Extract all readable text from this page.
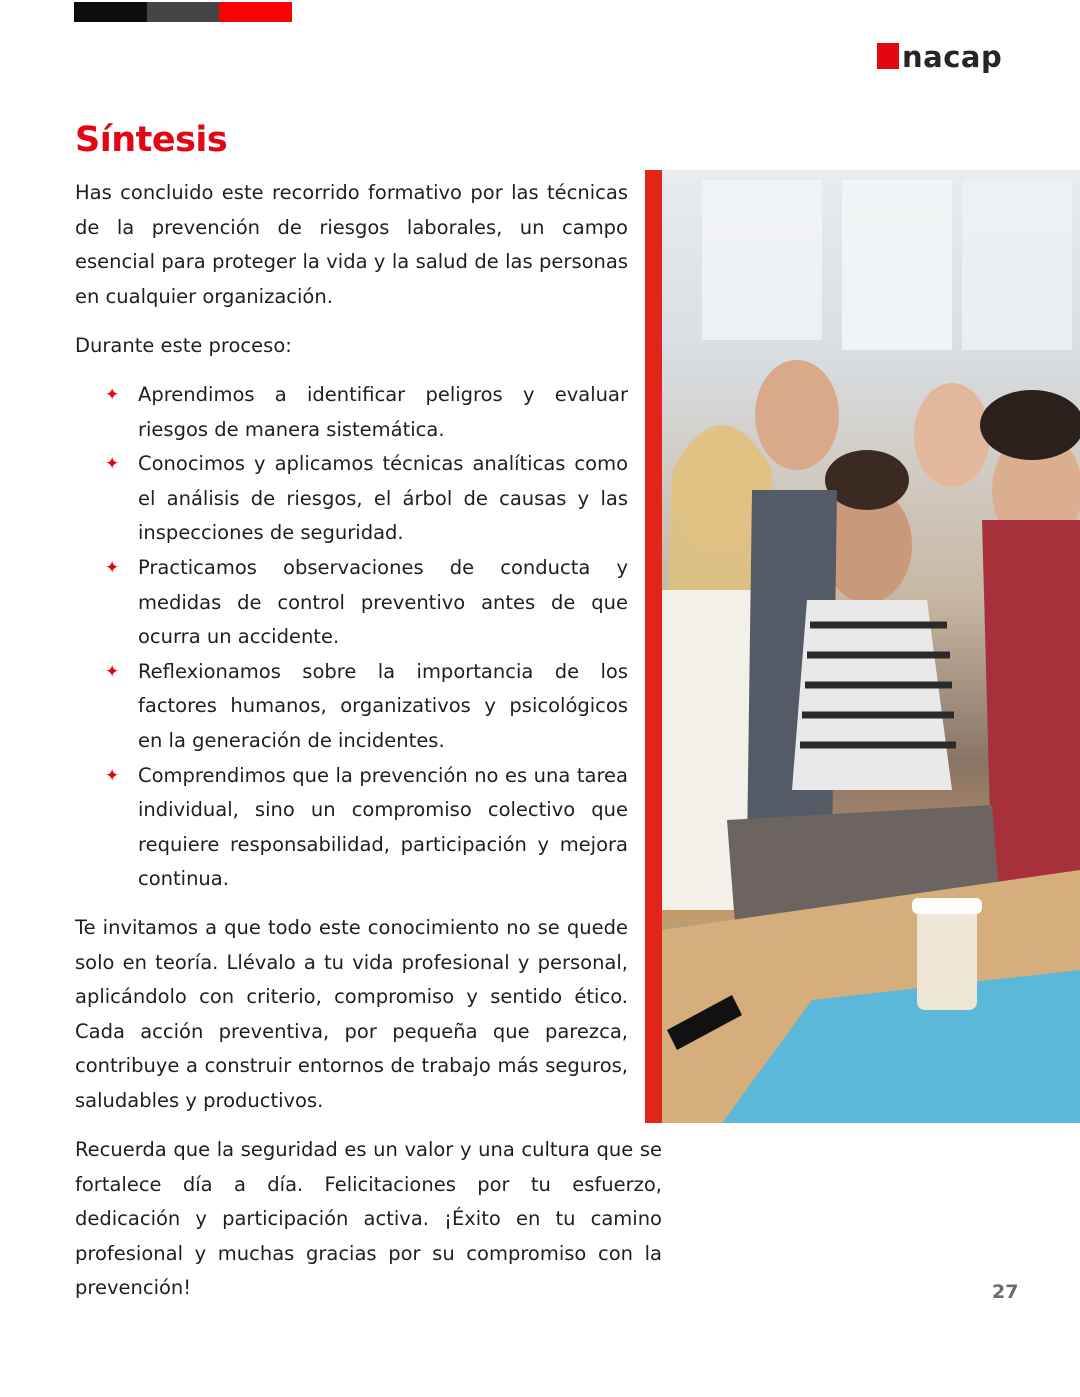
nacap
Síntesis

Has concluido este recorrido formativo por las técnicas de la prevención de riesgos laborales, un campo esencial para proteger la vida y la salud de las personas en cualquier organización.

Durante este proceso:

✦ Aprendimos a identificar peligros y evaluar riesgos de manera sistemática.
✦ Conocimos y aplicamos técnicas analíticas como el análisis de riesgos, el árbol de causas y las inspecciones de seguridad.
✦ Practicamos observaciones de conducta y medidas de control preventivo antes de que ocurra un accidente.
✦ Reflexionamos sobre la importancia de los factores humanos, organizativos y psicológicos en la generación de incidentes.
✦ Comprendimos que la prevención no es una tarea individual, sino un compromiso colectivo que requiere responsabilidad, participación y mejora continua.

Te invitamos a que todo este conocimiento no se quede solo en teoría. Llévalo a tu vida profesional y personal, aplicándolo con criterio, compromiso y sentido ético. Cada acción preventiva, por pequeña que parezca, contribuye a construir entornos de trabajo más seguros, saludables y productivos.

Recuerda que la seguridad es un valor y una cultura que se fortalece día a día. Felicitaciones por tu esfuerzo, dedicación y participación activa. ¡Éxito en tu camino profesional y muchas gracias por su compromiso con la prevención!	27
